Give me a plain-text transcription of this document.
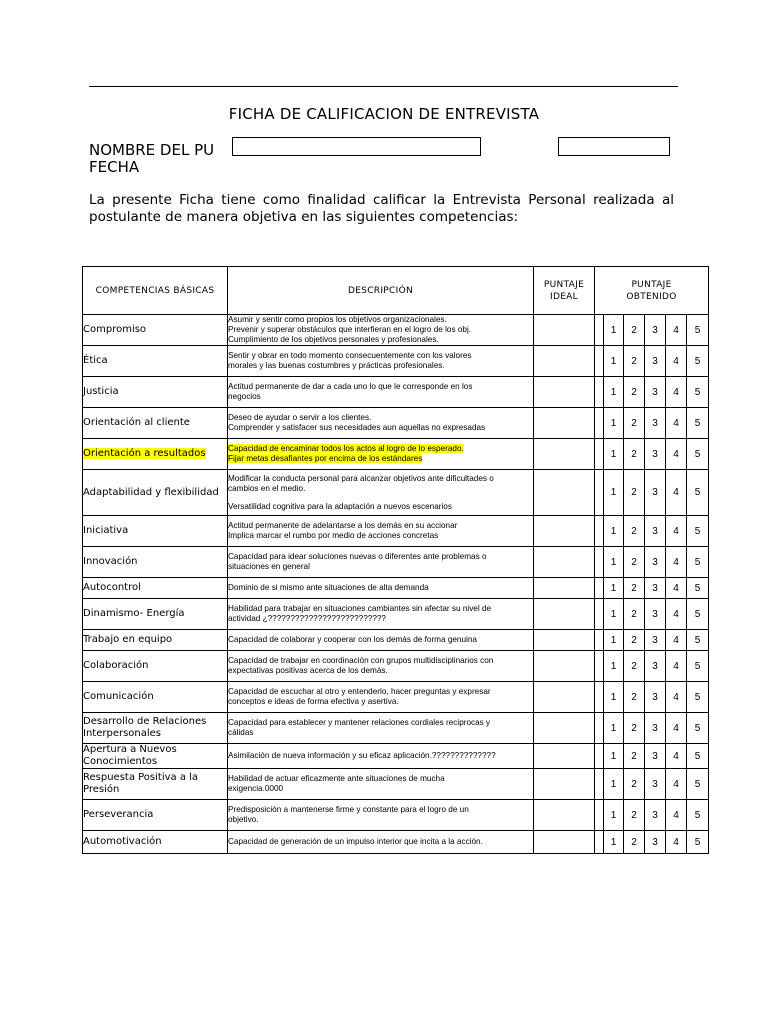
FICHA DE CALIFICACION DE ENTREVISTA
NOMBRE DEL PU
FECHA
La presente Ficha tiene como finalidad calificar la Entrevista Personal realizada al postulante de manera objetiva en las siguientes competencias:
COMPETENCIAS BÁSICAS	DESCRIPCIÓN	PUNTAJE IDEAL	PUNTAJE OBTENIDO					
Compromiso	Asumir y sentir como propios los objetivos organizacionales.
Prevenir y superar obstáculos que interfieran en el logro de los obj.
Cumplimiento de los objetivos personales y profesionales.			1	2	3	4	5
Ética	Sentir y obrar en todo momento consecuentemente con los valores
morales y las buenas costumbres y prácticas profesionales.			1	2	3	4	5
Justicia	Actitud permanente de dar a cada uno lo que le corresponde en los
negocios			1	2	3	4	5
Orientación al cliente	Deseo de ayudar o servir a los clientes.
Comprender y satisfacer sus necesidades aun aquellas no expresadas			1	2	3	4	5
Orientación a resultados	Capacidad de encaminar todos los actos al logro de lo esperado.
Fijar metas desafiantes por encima de los estándares			1	2	3	4	5
Adaptabilidad y flexibilidad	Modificar la conducta personal para alcanzar objetivos ante dificultades o
cambios en el medio.
Versatilidad cognitiva para la adaptación a nuevos escenarios			1	2	3	4	5
Iniciativa	Actitud permanente de adelantarse a los demás en su accionar
Implica marcar el rumbo por medio de acciones concretas			1	2	3	4	5
Innovación	Capacidad para idear soluciones nuevas o diferentes ante problemas o
situaciones en general			1	2	3	4	5
Autocontrol	Dominio de si mismo ante situaciones de alta demanda			1	2	3	4	5
Dinamismo- Energía	Habilidad para trabajar en situaciones cambiantes sin afectar su nivel de
actividad ¿??????????????????????????			1	2	3	4	5
Trabajo en equipo	Capacidad de colaborar y cooperar con los demás de forma genuina			1	2	3	4	5
Colaboración	Capacidad de trabajar en coordinación con grupos multidisciplinarios con
expectativas positivas acerca de los demás.			1	2	3	4	5
Comunicación	Capacidad de escuchar al otro y entenderlo, hacer preguntas y expresar
conceptos e ideas de forma efectiva y asertiva.			1	2	3	4	5
Desarrollo de Relaciones Interpersonales	Capacidad para establecer y mantener relaciones cordiales reciprocas y
cálidas			1	2	3	4	5
Apertura a Nuevos Conocimientos	Asimilación de nueva información y su eficaz aplicación.??????????????			1	2	3	4	5
Respuesta Positiva a la Presión	Habilidad de actuar eficazmente ante situaciones de mucha
exigencia.0000			1	2	3	4	5
Perseverancia	Predisposición a mantenerse firme y constante para el logro de un
objetivo.			1	2	3	4	5
Automotivación	Capacidad de generación de un impulso interior que incita a la acción.			1	2	3	4	5
